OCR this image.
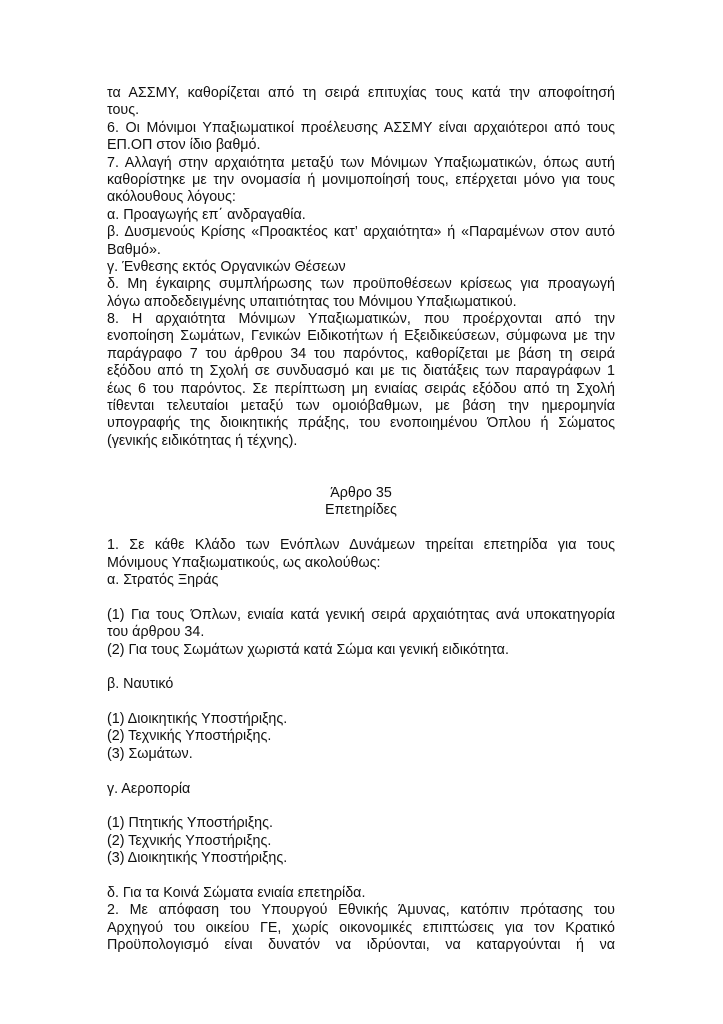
τα ΑΣΣΜΥ, καθορίζεται από τη σειρά επιτυχίας τους κατά την αποφοίτησή
τους.
6. Οι Μόνιμοι Υπαξιωματικοί προέλευσης ΑΣΣΜΥ είναι αρχαιότεροι από τους
ΕΠ.ΟΠ στον ίδιο βαθμό.
7. Αλλαγή στην αρχαιότητα μεταξύ των Μόνιμων Υπαξιωματικών, όπως αυτή
καθορίστηκε με την ονομασία ή μονιμοποίησή τους, επέρχεται μόνο για τους
ακόλουθους λόγους:
α. Προαγωγής επ΄ ανδραγαθία.
β. Δυσμενούς Κρίσης «Προακτέος κατ’ αρχαιότητα» ή «Παραμένων στον αυτό
Βαθμό».
γ. Ένθεσης εκτός Οργανικών Θέσεων
δ. Μη έγκαιρης συμπλήρωσης των προϋποθέσεων κρίσεως για προαγωγή
λόγω αποδεδειγμένης υπαιτιότητας του Μόνιμου Υπαξιωματικού.
8. Η αρχαιότητα Μόνιμων Υπαξιωματικών, που προέρχονται από την
ενοποίηση Σωμάτων, Γενικών Ειδικοτήτων ή Εξειδικεύσεων, σύμφωνα με την
παράγραφο 7 του άρθρου 34 του παρόντος, καθορίζεται με βάση τη σειρά
εξόδου από τη Σχολή σε συνδυασμό και με τις διατάξεις των παραγράφων 1
έως 6 του παρόντος. Σε περίπτωση μη ενιαίας σειράς εξόδου από τη Σχολή
τίθενται τελευταίοι μεταξύ των ομοιόβαθμων, με βάση την ημερομηνία
υπογραφής της διοικητικής πράξης, του ενοποιημένου Όπλου ή Σώματος
(γενικής ειδικότητας ή τέχνης).
Άρθρο 35
Επετηρίδες
1. Σε κάθε Κλάδο των Ενόπλων Δυνάμεων τηρείται επετηρίδα για τους
Μόνιμους Υπαξιωματικούς, ως ακολούθως:
α. Στρατός Ξηράς
(1) Για τους Όπλων, ενιαία κατά γενική σειρά αρχαιότητας ανά υποκατηγορία
του άρθρου 34.
(2) Για τους Σωμάτων χωριστά κατά Σώμα και γενική ειδικότητα.
β. Ναυτικό
(1) Διοικητικής Υποστήριξης.
(2) Τεχνικής Υποστήριξης.
(3) Σωμάτων.
γ. Αεροπορία
(1) Πτητικής Υποστήριξης.
(2) Τεχνικής Υποστήριξης.
(3) Διοικητικής Υποστήριξης.
δ. Για τα Κοινά Σώματα ενιαία επετηρίδα.
2. Με απόφαση του Υπουργού Εθνικής Άμυνας, κατόπιν πρότασης του
Αρχηγού του οικείου ΓΕ, χωρίς οικονομικές επιπτώσεις για τον Κρατικό
Προϋπολογισμό είναι δυνατόν να ιδρύονται, να καταργούνται ή να
